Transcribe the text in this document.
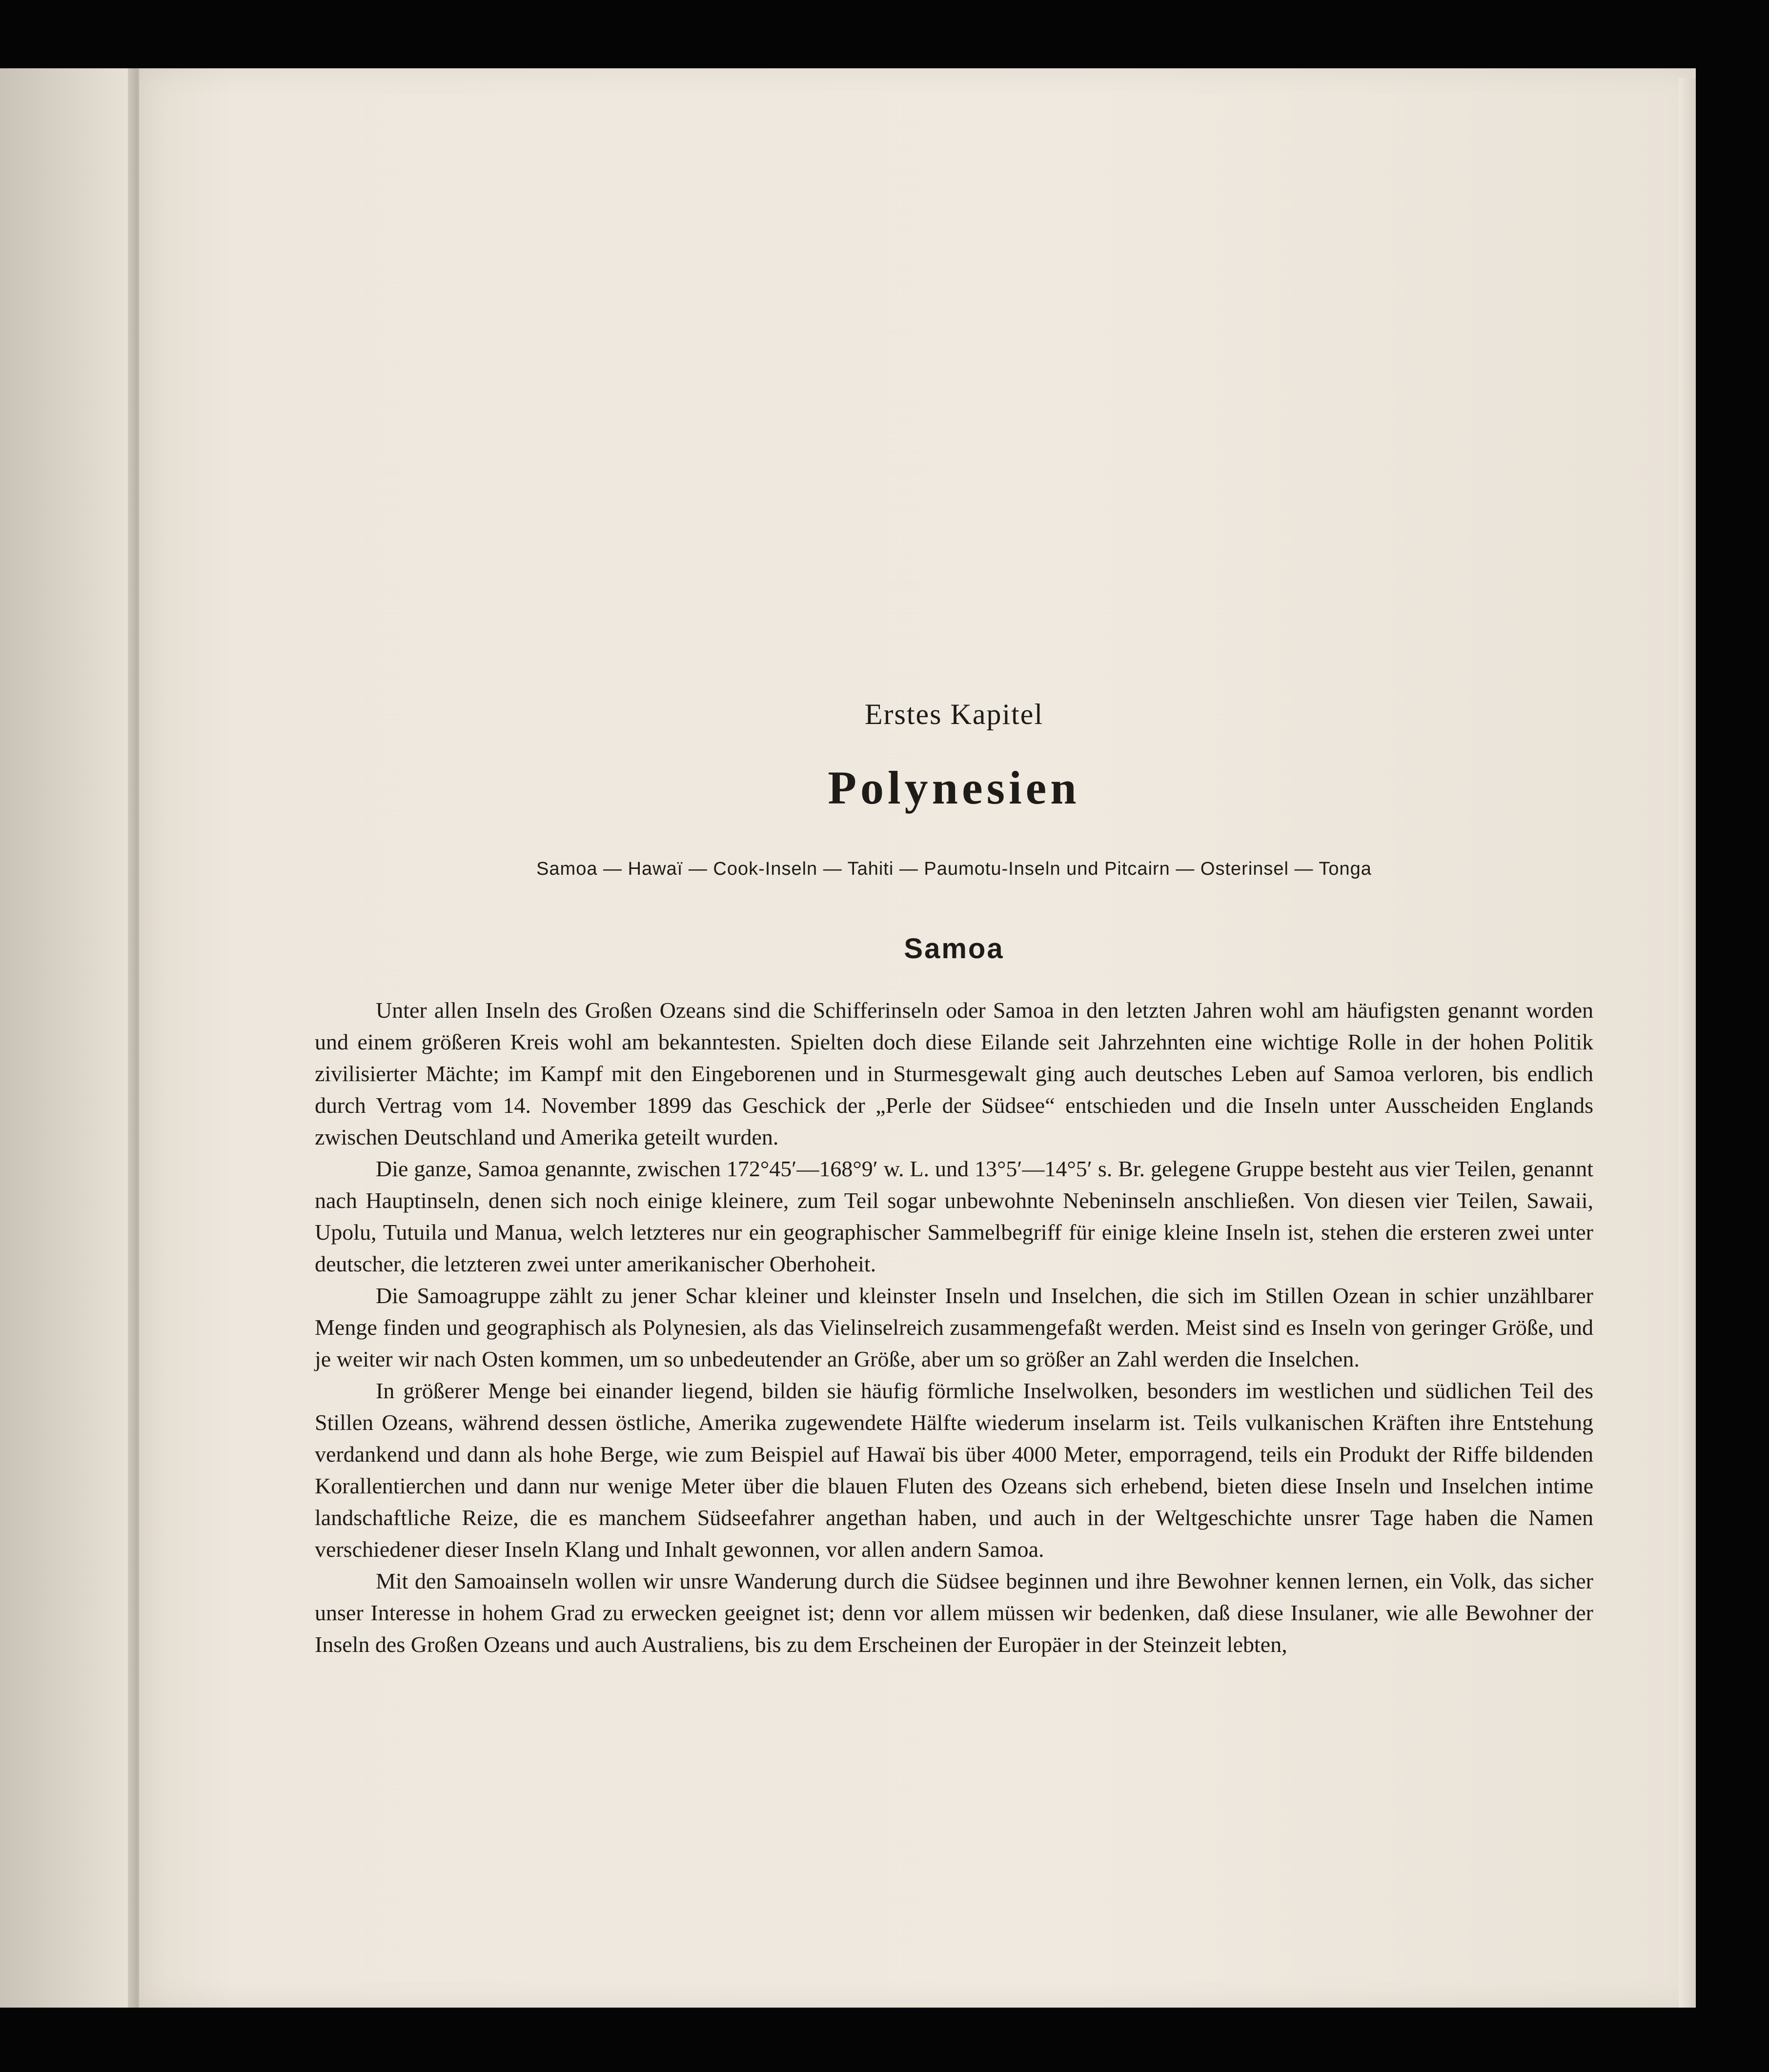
Erstes Kapitel

Polynesien

Samoa — Hawaï — Cook-Inseln — Tahiti — Paumotu-Inseln und Pitcairn — Osterinsel — Tonga

Samoa

Unter allen Inseln des Großen Ozeans sind die Schifferinseln oder Samoa in den letzten Jahren wohl am häufigsten genannt worden und einem größeren Kreis wohl am bekanntesten. Spielten doch diese Eilande seit Jahrzehnten eine wichtige Rolle in der hohen Politik zivilisierter Mächte; im Kampf mit den Eingeborenen und in Sturmesgewalt ging auch deutsches Leben auf Samoa verloren, bis endlich durch Vertrag vom 14. November 1899 das Geschick der „Perle der Südsee“ entschieden und die Inseln unter Ausscheiden Englands zwischen Deutschland und Amerika geteilt wurden.

Die ganze, Samoa genannte, zwischen 172°45′—168°9′ w. L. und 13°5′—14°5′ s. Br. gelegene Gruppe besteht aus vier Teilen, genannt nach Hauptinseln, denen sich noch einige kleinere, zum Teil sogar unbewohnte Nebeninseln anschließen. Von diesen vier Teilen, Sawaii, Upolu, Tutuila und Manua, welch letzteres nur ein geographischer Sammelbegriff für einige kleine Inseln ist, stehen die ersteren zwei unter deutscher, die letzteren zwei unter amerikanischer Oberhoheit.

Die Samoagruppe zählt zu jener Schar kleiner und kleinster Inseln und Inselchen, die sich im Stillen Ozean in schier unzählbarer Menge finden und geographisch als Polynesien, als das Vielinselreich zusammengefaßt werden. Meist sind es Inseln von geringer Größe, und je weiter wir nach Osten kommen, um so unbedeutender an Größe, aber um so größer an Zahl werden die Inselchen.

In größerer Menge bei einander liegend, bilden sie häufig förmliche Inselwolken, besonders im westlichen und südlichen Teil des Stillen Ozeans, während dessen östliche, Amerika zugewendete Hälfte wiederum inselarm ist. Teils vulkanischen Kräften ihre Entstehung verdankend und dann als hohe Berge, wie zum Beispiel auf Hawaï bis über 4000 Meter, emporragend, teils ein Produkt der Riffe bildenden Korallentierchen und dann nur wenige Meter über die blauen Fluten des Ozeans sich erhebend, bieten diese Inseln und Inselchen intime landschaftliche Reize, die es manchem Südseefahrer angethan haben, und auch in der Weltgeschichte unsrer Tage haben die Namen verschiedener dieser Inseln Klang und Inhalt gewonnen, vor allen andern Samoa.

Mit den Samoainseln wollen wir unsre Wanderung durch die Südsee beginnen und ihre Bewohner kennen lernen, ein Volk, das sicher unser Interesse in hohem Grad zu erwecken geeignet ist; denn vor allem müssen wir bedenken, daß diese Insulaner, wie alle Bewohner der Inseln des Großen Ozeans und auch Australiens, bis zu dem Erscheinen der Europäer in der Steinzeit lebten,
